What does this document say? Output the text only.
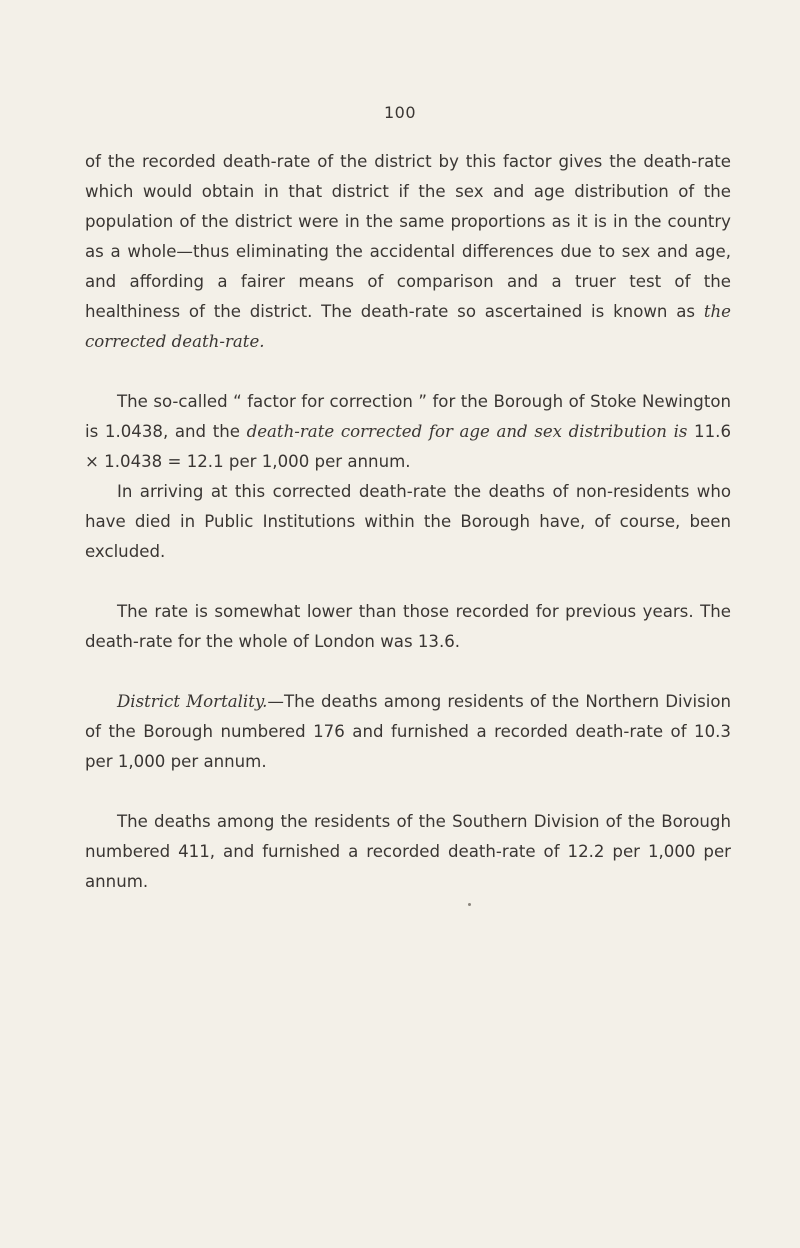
100

of the recorded death-rate of the district by this factor gives the death-rate which would obtain in that district if the sex and age distribution of the population of the district were in the same proportions as it is in the country as a whole—thus eliminating the accidental differences due to sex and age, and affording a fairer means of comparison and a truer test of the healthiness of the district. The death-rate so ascertained is known as the corrected death-rate.

The so-called “ factor for correction ” for the Borough of Stoke Newington is 1.0438, and the death-rate corrected for age and sex distribution is 11.6 × 1.0438 = 12.1 per 1,000 per annum.

In arriving at this corrected death-rate the deaths of non-residents who have died in Public Institutions within the Borough have, of course, been excluded.

The rate is somewhat lower than those recorded for previous years. The death-rate for the whole of London was 13.6.

District Mortality.—The deaths among residents of the Northern Division of the Borough numbered 176 and furnished a recorded death-rate of 10.3 per 1,000 per annum.

The deaths among the residents of the Southern Division of the Borough numbered 411, and furnished a recorded death-rate of 12.2 per 1,000 per annum.
